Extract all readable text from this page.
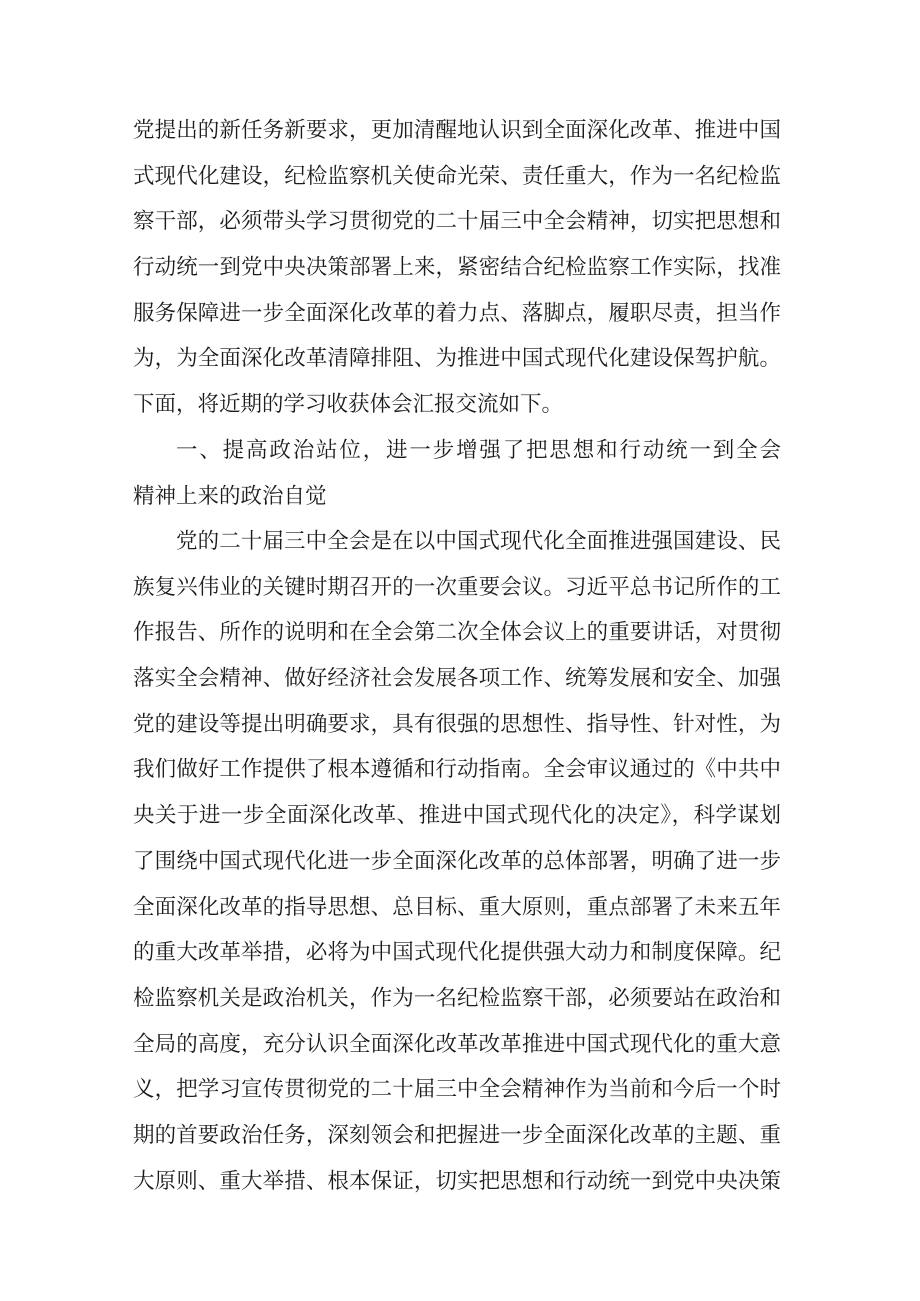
党提出的新任务新要求，更加清醒地认识到全面深化改革、推进中国
式现代化建设，纪检监察机关使命光荣、责任重大，作为一名纪检监
察干部，必须带头学习贯彻党的二十届三中全会精神，切实把思想和
行动统一到党中央决策部署上来，紧密结合纪检监察工作实际，找准
服务保障进一步全面深化改革的着力点、落脚点，履职尽责，担当作
为，为全面深化改革清障排阻、为推进中国式现代化建设保驾护航。
下面，将近期的学习收获体会汇报交流如下。
一、提高政治站位，进一步增强了把思想和行动统一到全会
精神上来的政治自觉
党的二十届三中全会是在以中国式现代化全面推进强国建设、民
族复兴伟业的关键时期召开的一次重要会议。习近平总书记所作的工
作报告、所作的说明和在全会第二次全体会议上的重要讲话，对贯彻
落实全会精神、做好经济社会发展各项工作、统筹发展和安全、加强
党的建设等提出明确要求，具有很强的思想性、指导性、针对性，为
我们做好工作提供了根本遵循和行动指南。全会审议通过的《中共中
央关于进一步全面深化改革、推进中国式现代化的决定》，科学谋划
了围绕中国式现代化进一步全面深化改革的总体部署，明确了进一步
全面深化改革的指导思想、总目标、重大原则，重点部署了未来五年
的重大改革举措，必将为中国式现代化提供强大动力和制度保障。纪
检监察机关是政治机关，作为一名纪检监察干部，必须要站在政治和
全局的高度，充分认识全面深化改革改革推进中国式现代化的重大意
义，把学习宣传贯彻党的二十届三中全会精神作为当前和今后一个时
期的首要政治任务，深刻领会和把握进一步全面深化改革的主题、重
大原则、重大举措、根本保证，切实把思想和行动统一到党中央决策
